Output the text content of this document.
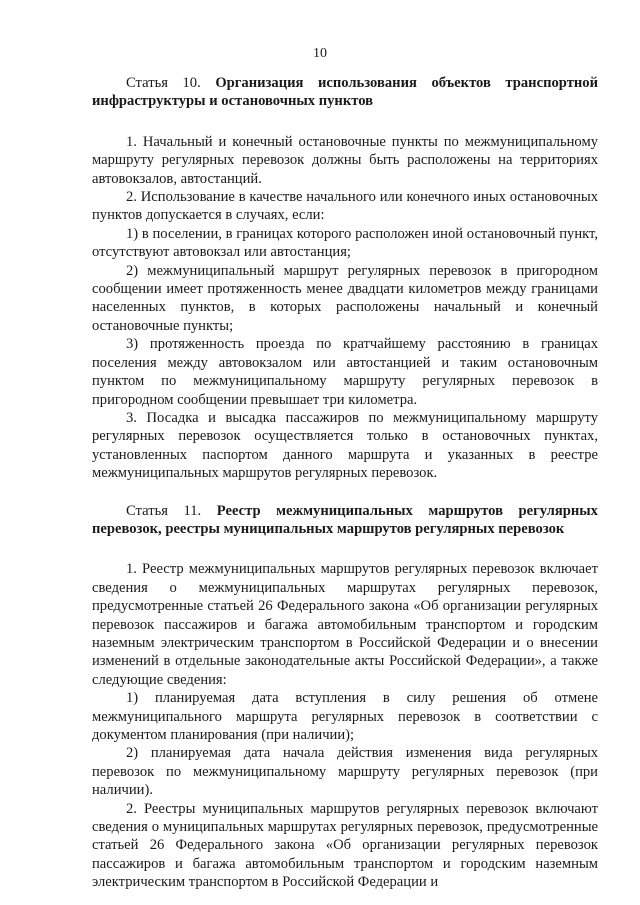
10

Статья 10. Организация использования объектов транспортной инфраструктуры и остановочных пунктов

1. Начальный и конечный остановочные пункты по межмуниципальному маршруту регулярных перевозок должны быть расположены на территориях автовокзалов, автостанций.

2. Использование в качестве начального или конечного иных остановочных пунктов допускается в случаях, если:

1) в поселении, в границах которого расположен иной остановочный пункт, отсутствуют автовокзал или автостанция;

2) межмуниципальный маршрут регулярных перевозок в пригородном сообщении имеет протяженность менее двадцати километров между границами населенных пунктов, в которых расположены начальный и конечный остановочные пункты;

3) протяженность проезда по кратчайшему расстоянию в границах поселения между автовокзалом или автостанцией и таким остановочным пунктом по межмуниципальному маршруту регулярных перевозок в пригородном сообщении превышает три километра.

3. Посадка и высадка пассажиров по межмуниципальному маршруту регулярных перевозок осуществляется только в остановочных пунктах, установленных паспортом данного маршрута и указанных в реестре межмуниципальных маршрутов регулярных перевозок.

Статья 11. Реестр межмуниципальных маршрутов регулярных перевозок, реестры муниципальных маршрутов регулярных перевозок

1. Реестр межмуниципальных маршрутов регулярных перевозок включает сведения о межмуниципальных маршрутах регулярных перевозок, предусмотренные статьей 26 Федерального закона «Об организации регулярных перевозок пассажиров и багажа автомобильным транспортом и городским наземным электрическим транспортом в Российской Федерации и о внесении изменений в отдельные законодательные акты Российской Федерации», а также следующие сведения:

1) планируемая дата вступления в силу решения об отмене межмуниципального маршрута регулярных перевозок в соответствии с документом планирования (при наличии);

2) планируемая дата начала действия изменения вида регулярных перевозок по межмуниципальному маршруту регулярных перевозок (при наличии).

2. Реестры муниципальных маршрутов регулярных перевозок включают сведения о муниципальных маршрутах регулярных перевозок, предусмотренные статьей 26 Федерального закона «Об организации регулярных перевозок пассажиров и багажа автомобильным транспортом и городским наземным электрическим транспортом в Российской Федерации и
